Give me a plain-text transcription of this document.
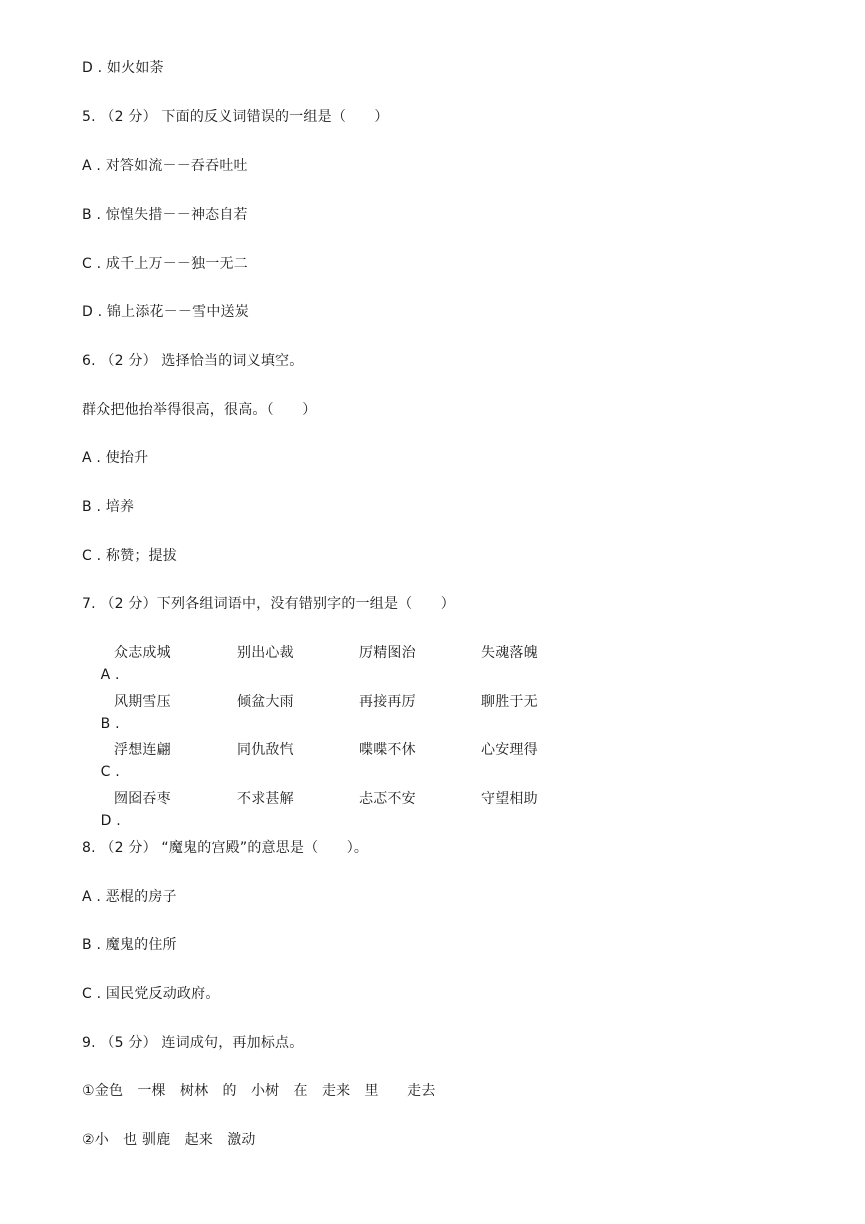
D . 如火如荼
5. （2 分） 下面的反义词错误的一组是（　　）
A . 对答如流－－吞吞吐吐
B . 惊惶失措－－神态自若
C . 成千上万－－独一无二
D . 锦上添花－－雪中送炭
6. （2 分） 选择恰当的词义填空。
群众把他抬举得很高，很高。（　　）
A . 使抬升
B . 培养
C . 称赞；提拔
7. （2 分）下列各组词语中，没有错别字的一组是（　　）

A .

众志成城

	别出心裁

	厉精图治

	失魂落魄

B .

风期雪压

	倾盆大雨

	再接再厉

	聊胜于无

C .

浮想连翩

	同仇敌忾

	喋喋不休

	心安理得

D .

囫囵吞枣

	不求甚解

	忐忑不安

	守望相助
8. （2 分） “魔鬼的宫殿”的意思是（　　）。
A . 恶棍的房子
B . 魔鬼的住所
C . 国民党反动政府。
9. （5 分） 连词成句，再加标点。
①金色　一棵　树林　的　小树　在　走来　里　　走去
②小　也 驯鹿　起来　激动
